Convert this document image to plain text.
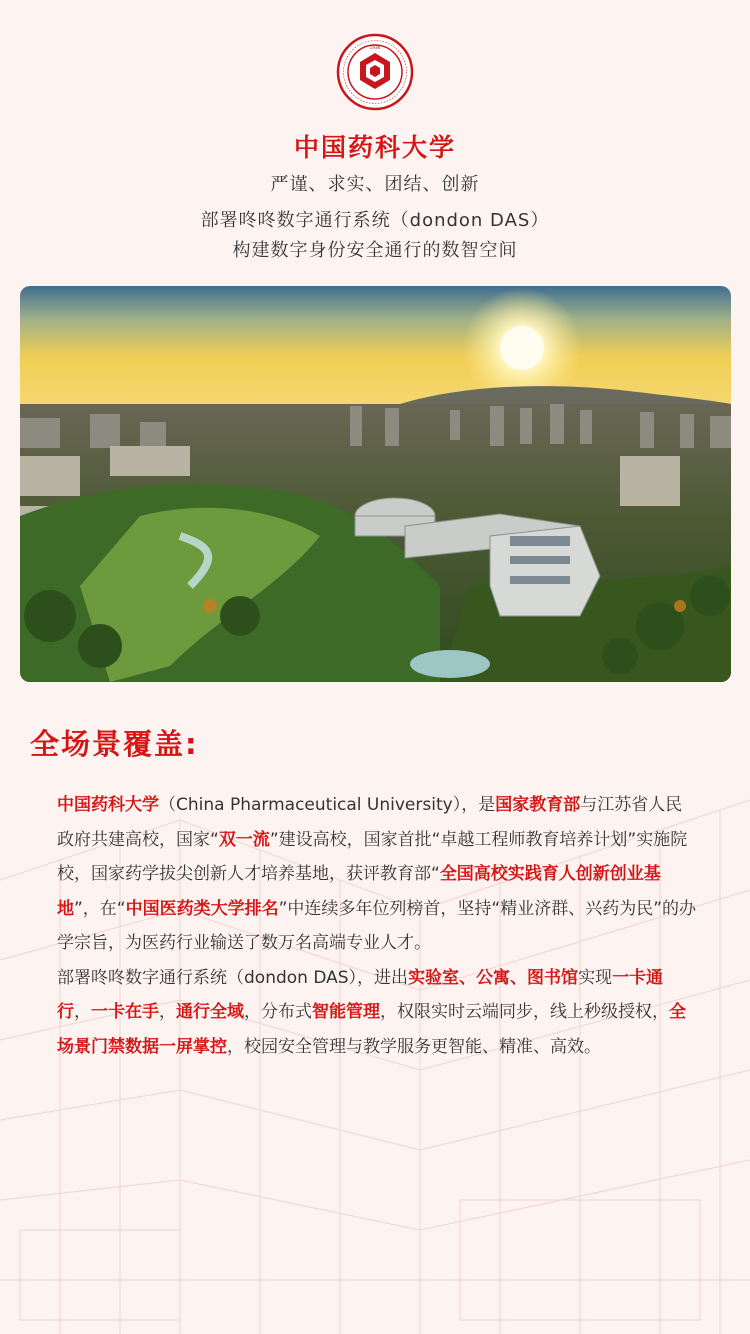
1936
中国药科大学
严谨、求实、团结、创新
部署咚咚数字通行系统（dondon DAS）
构建数字身份安全通行的数智空间
全场景覆盖:

中国药科大学（China Pharmaceutical University），是国家教育部与江苏省人民政府共建高校，国家“双一流”建设高校，国家首批“卓越工程师教育培养计划”实施院校，国家药学拔尖创新人才培养基地，获评教育部“全国高校实践育人创新创业基地”，在“中国医药类大学排名”中连续多年位列榜首，坚持“精业济群、兴药为民”的办学宗旨，为医药行业输送了数万名高端专业人才。

部署咚咚数字通行系统（dondon DAS），进出实验室、公寓、图书馆实现一卡通行，一卡在手，通行全域，分布式智能管理，权限实时云端同步，线上秒级授权，全场景门禁数据一屏掌控，校园安全管理与教学服务更智能、精准、高效。
